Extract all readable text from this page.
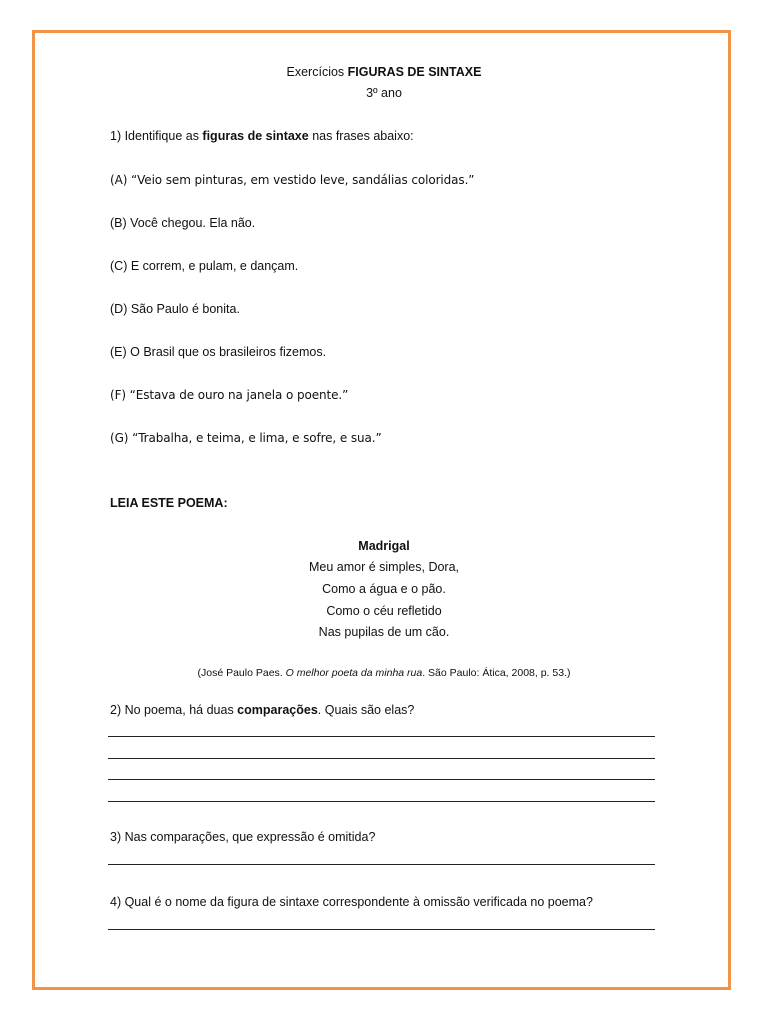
Exercícios FIGURAS DE SINTAXE
3º ano
1) Identifique as figuras de sintaxe nas frases abaixo:
(A) “Veio sem pinturas, em vestido leve, sandálias coloridas.”
(B) Você chegou. Ela não.
(C) E correm, e pulam, e dançam.
(D) São Paulo é bonita.
(E) O Brasil que os brasileiros fizemos.
(F) “Estava de ouro na janela o poente.”
(G) “Trabalha, e teima, e lima, e sofre, e sua.”
LEIA ESTE POEMA:
Madrigal
Meu amor é simples, Dora,
Como a água e o pão.
Como o céu refletido
Nas pupilas de um cão.
(José Paulo Paes. O melhor poeta da minha rua. São Paulo: Ática, 2008, p. 53.)
2) No poema, há duas comparações. Quais são elas?
3) Nas comparações, que expressão é omitida?
4) Qual é o nome da figura de sintaxe correspondente à omissão verificada no poema?
